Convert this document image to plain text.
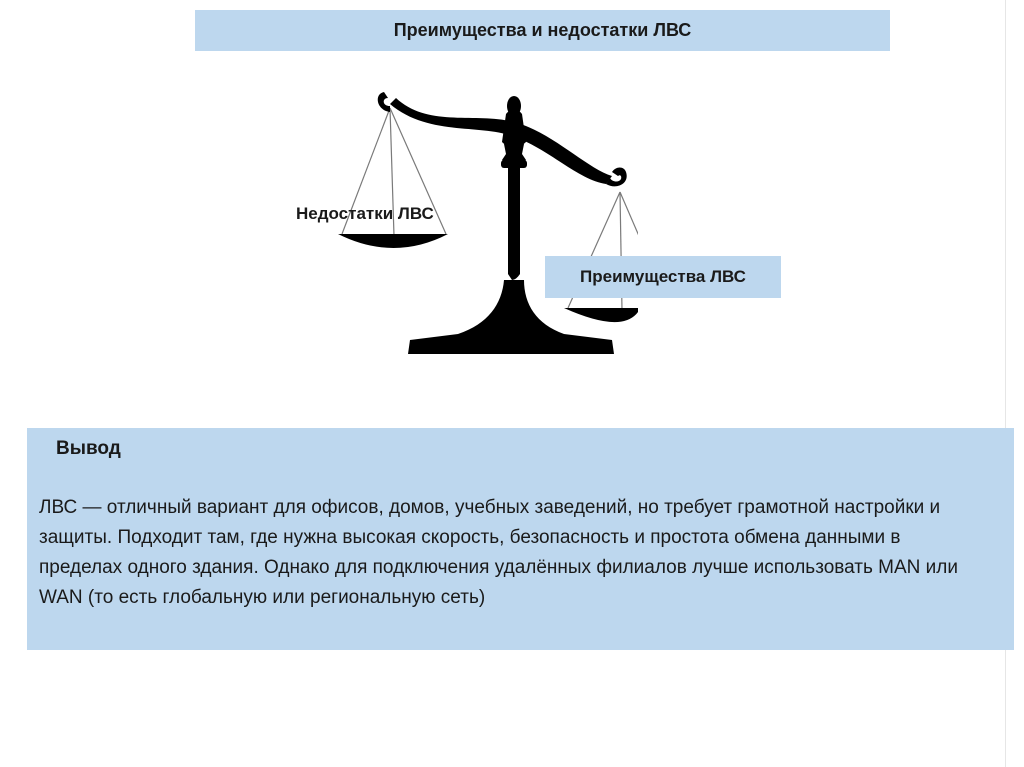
Преимущества и недостатки ЛВС
Недостатки ЛВС
Преимущества ЛВС
Вывод
ЛВС — отличный вариант для офисов, домов, учебных заведений, но требует грамотной настройки и защиты. Подходит там, где нужна высокая скорость, безопасность и простота обмена данными в пределах одного здания. Однако для подключения удалённых филиалов лучше использовать MAN или WAN (то есть глобальную или региональную сеть)
